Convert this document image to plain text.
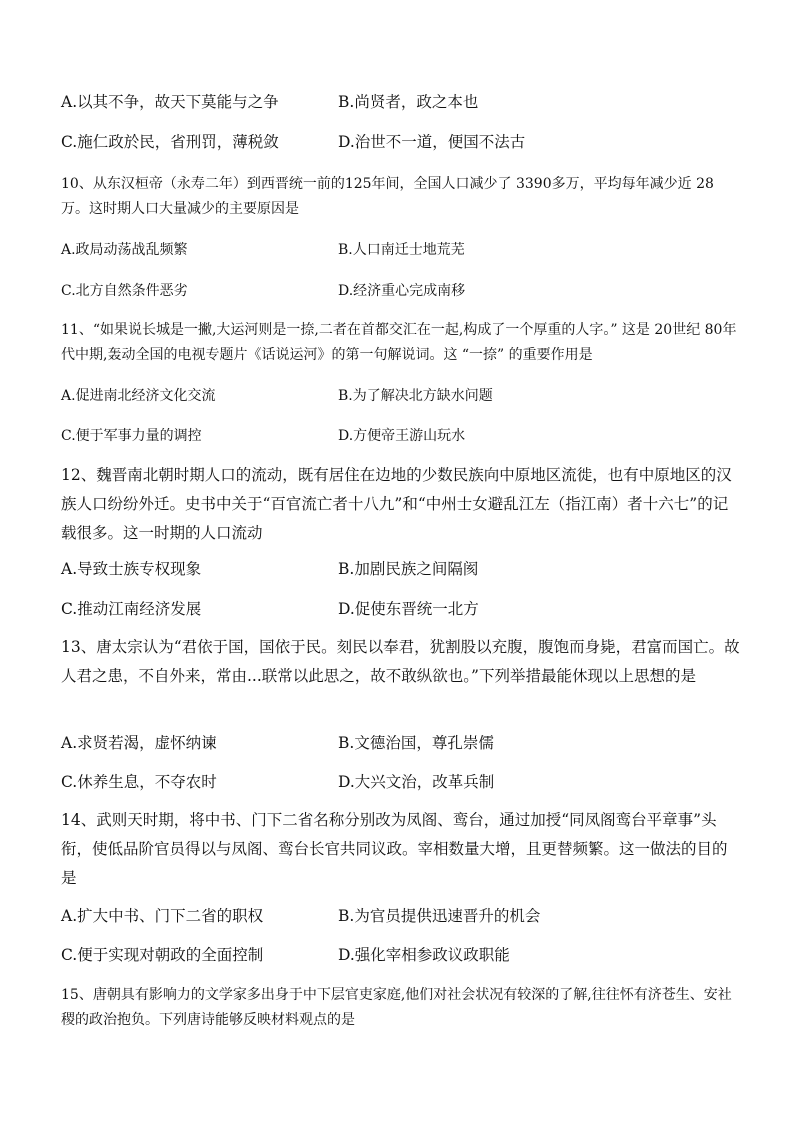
A.以其不争，故天下莫能与之争	B.尚贤者，政之本也
C.施仁政於民，省刑罚，薄税敛	D.治世不一道，便国不法古
10、从东汉桓帝（永寿二年）到西晋统一前的125年间，全国人口减少了 3390多万，平均每年减少近 28万。这时期人口大量减少的主要原因是
A.政局动荡战乱频繁	B.人口南迁士地荒芜
C.北方自然条件恶劣	D.经济重心完成南移
11、“如果说长城是一撇,大运河则是一捺,二者在首都交汇在一起,构成了一个厚重的人字。” 这是 20世纪 80年代中期,轰动全国的电视专题片《话说运河》的第一句解说词。这 “一捺” 的重要作用是
A.促进南北经济文化交流	B.为了解决北方缺水问题
C.便于军事力量的调控	D.方便帝王游山玩水
12、魏晋南北朝时期人口的流动，既有居住在边地的少数民族向中原地区流徙，也有中原地区的汉族人口纷纷外迁。史书中关于“百官流亡者十八九”和“中州士女避乱江左（指江南）者十六七”的记载很多。这一时期的人口流动
A.导致士族专权现象	B.加剧民族之间隔阂
C.推动江南经济发展	D.促使东晋统一北方
13、唐太宗认为“君依于国，国依于民。刻民以奉君，犹割股以充腹，腹饱而身毙，君富而国亡。故人君之患，不自外来，常由...联常以此思之，故不敢纵欲也。”下列举措最能休现以上思想的是
A.求贤若渴，虚怀纳谏	B.文德治国，尊孔崇儒
C.休养生息，不夺农时	D.大兴文治，改革兵制
14、武则天时期，将中书、门下二省名称分别改为凤阁、鸾台，通过加授“同凤阁鸾台平章事”头衔，使低品阶官员得以与凤阁、鸾台长官共同议政。宰相数量大增，且更替频繁。这一做法的目的是
A.扩大中书、门下二省的职权	B.为官员提供迅速晋升的机会
C.便于实现对朝政的全面控制	D.强化宰相参政议政职能
15、唐朝具有影响力的文学家多出身于中下层官吏家庭,他们对社会状况有较深的了解,往往怀有济苍生、安社稷的政治抱负。下列唐诗能够反映材料观点的是
